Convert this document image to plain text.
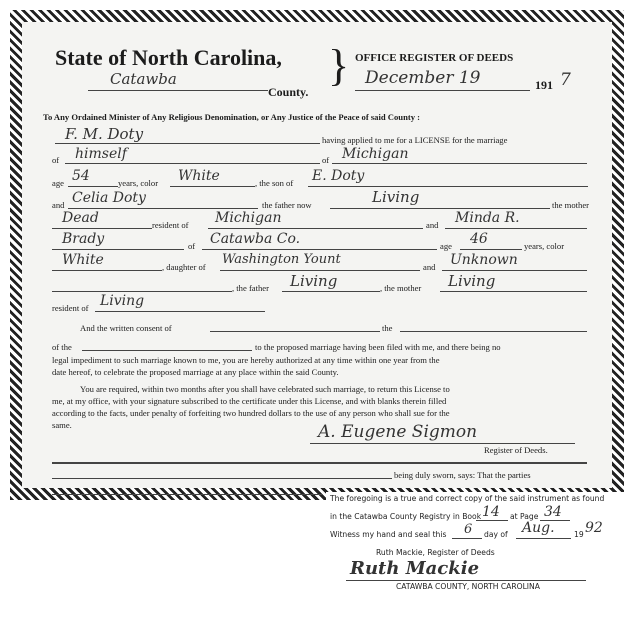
State of North Carolina,
Catawba
County.
} OFFICE REGISTER OF DEEDS
December 19	191 7
To Any Ordained Minister of Any Religious Denomination, or Any Justice of the Peace of said County :
F. M. Doty	having applied to me for a LICENSE for the marriage
of himself	of Michigan
age 54	years, color White	, the son of E. Doty
and Celia Doty	the father now	Living	the mother
Dead	resident of Michigan	and Minda R.
Brady	of Catawba Co.	age 46	years, color
White	, daughter of Washington Yount	and Unknown
, the father Living	, the mother Living
resident of Living
And the written consent of	the
of the	to the proposed marriage having been filed with me, and there being no
legal impediment to such marriage known to me, you are hereby authorized at any time within one year from the
date hereof, to celebrate the proposed marriage at any place within the said County.
You are required, within two months after you shall have celebrated such marriage, to return this License to
me, at my office, with your signature subscribed to the certificate under this License, and with blanks therein filled
according to the facts, under penalty of forfeiting two hundred dollars to the use of any person who shall sue for the
same.	A. Eugene Sigmon
Register of Deeds.
being duly sworn, says: That the parties
The foregoing is a true and correct copy of the said instrument as found
in the Catawba County Registry in Book 14 at Page 34
Witness my hand and seal this 6 day of Aug.	19 92
Ruth Mackie, Register of Deeds
Ruth Mackie
CATAWBA COUNTY, NORTH CAROLINA
